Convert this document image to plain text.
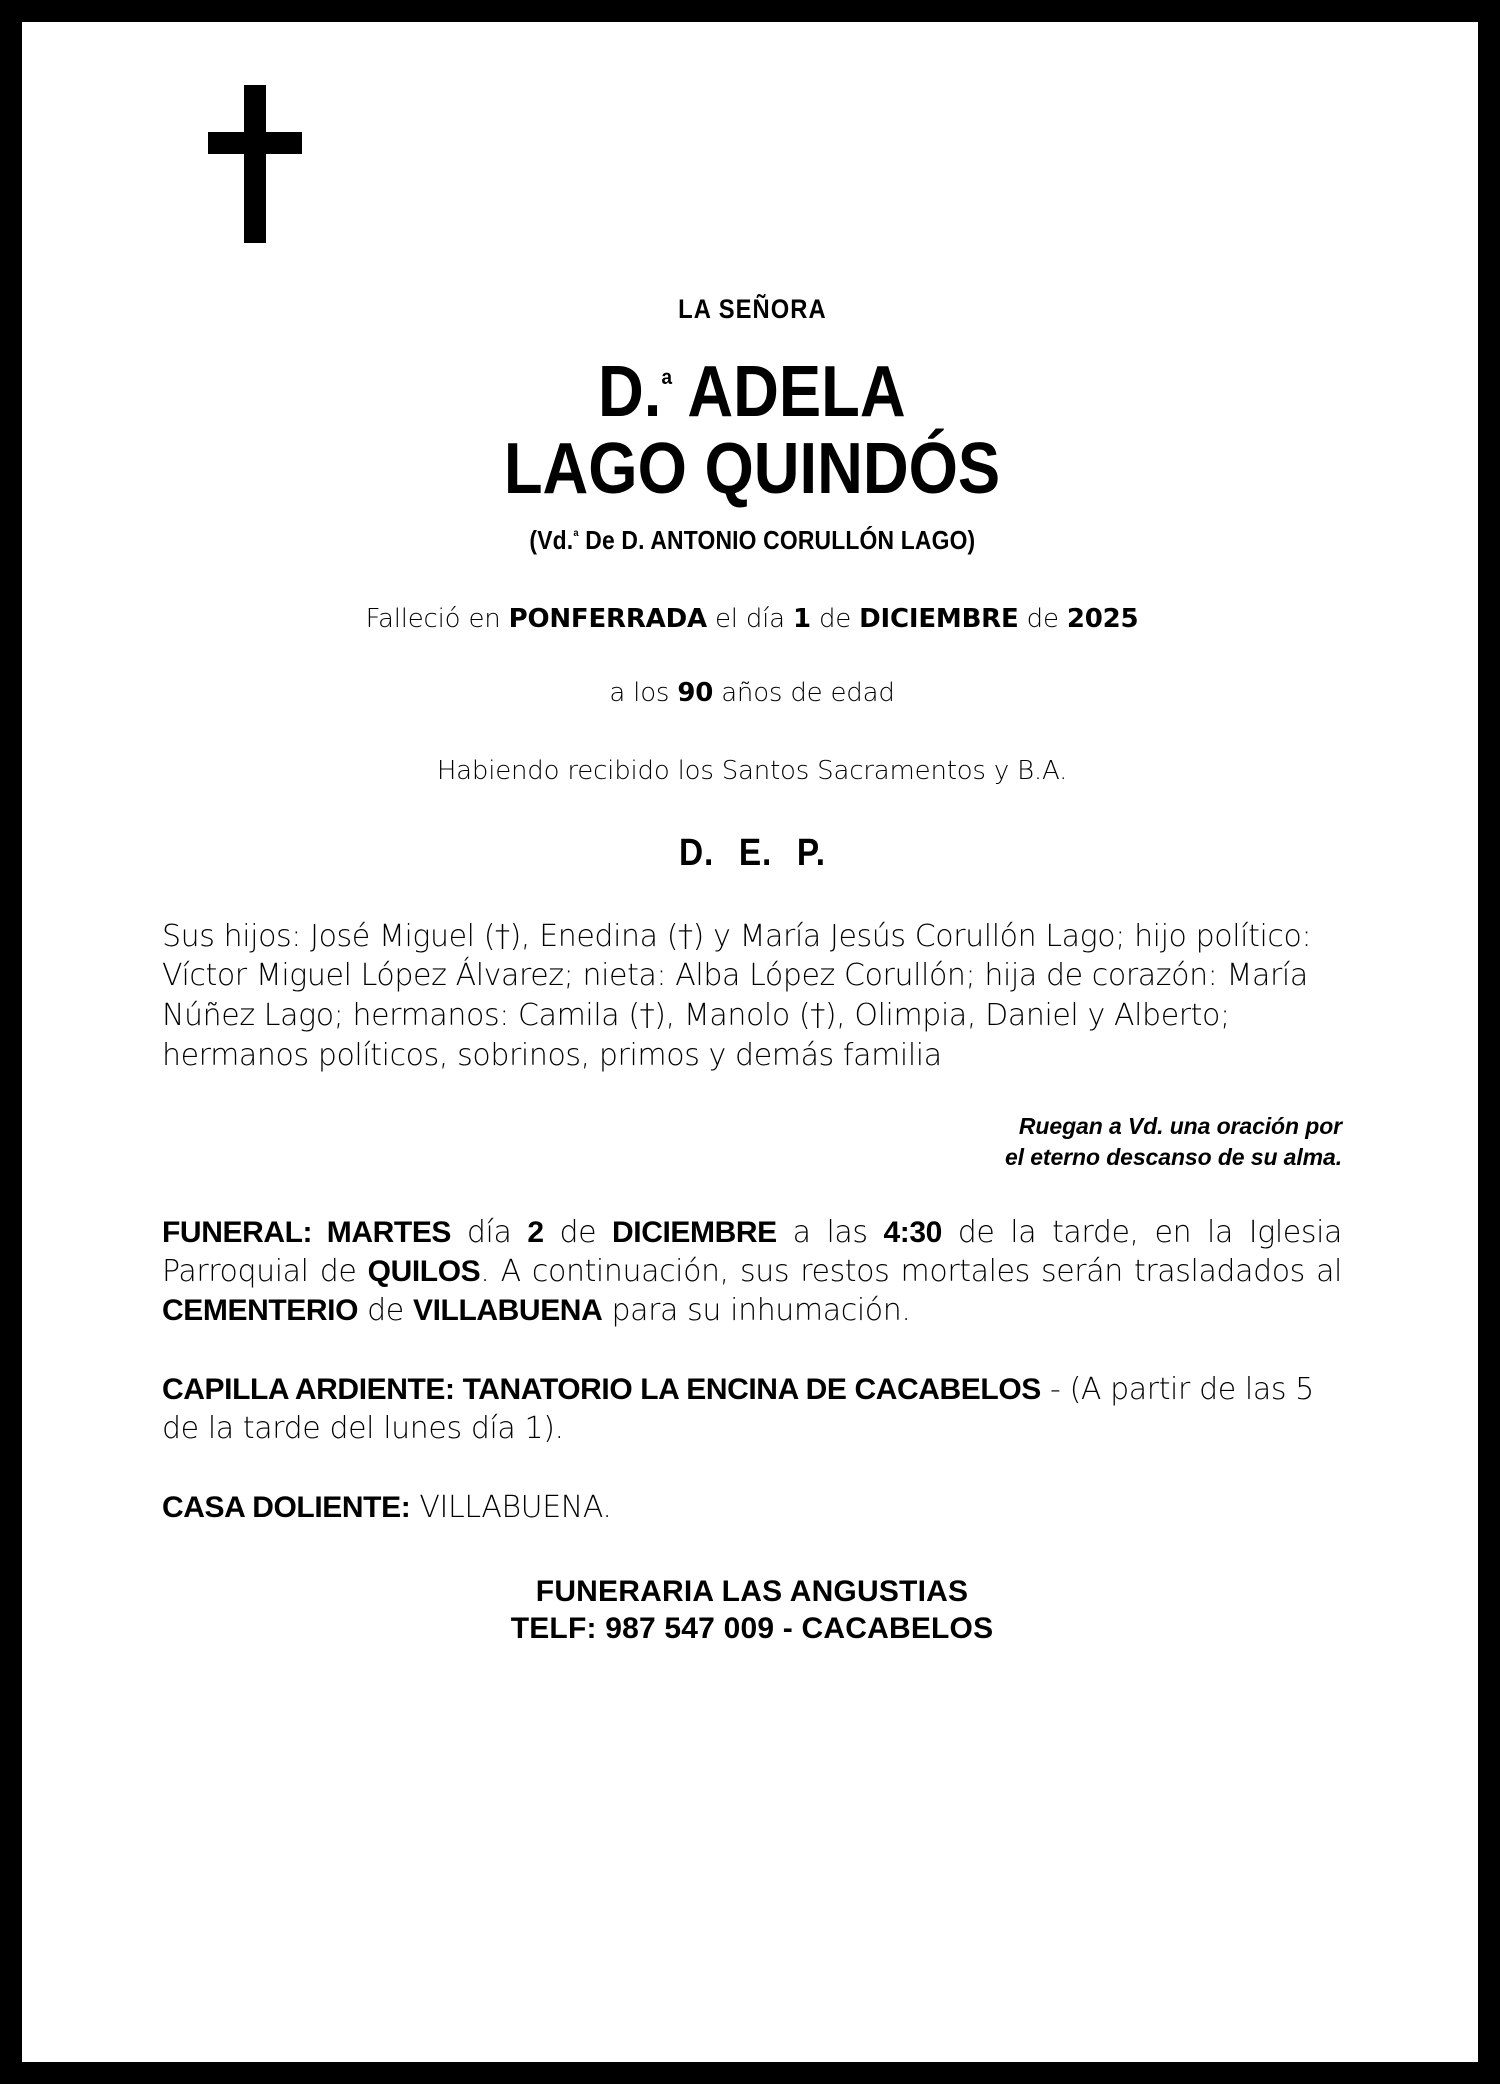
LA SEÑORA
D.$^ª$ ADELA
LAGO QUINDÓS
(Vd.$^ª$ De D. ANTONIO CORULLÓN LAGO)
Falleció en PONFERRADA el día 1 de DICIEMBRE de 2025
a los 90 años de edad
Habiendo recibido los Santos Sacramentos y B.A.
D. E. P.
Sus hijos: José Miguel (†), Enedina (†) y María Jesús Corullón Lago; hijo político: Víctor Miguel López Álvarez; nieta: Alba López Corullón; hija de corazón: María Núñez Lago; hermanos: Camila (†), Manolo (†), Olimpia, Daniel y Alberto; hermanos políticos, sobrinos, primos y demás familia
Ruegan a Vd. una oración por
el eterno descanso de su alma.
FUNERAL: MARTES día 2 de DICIEMBRE a las 4:30 de la tarde, en la Iglesia Parroquial de QUILOS. A continuación, sus restos mortales serán trasladados al CEMENTERIO de VILLABUENA para su inhumación.
CAPILLA ARDIENTE: TANATORIO LA ENCINA DE CACABELOS - (A partir de las 5 de la tarde del lunes día 1).
CASA DOLIENTE: VILLABUENA.
FUNERARIA LAS ANGUSTIAS
TELF: 987 547 009 - CACABELOS
